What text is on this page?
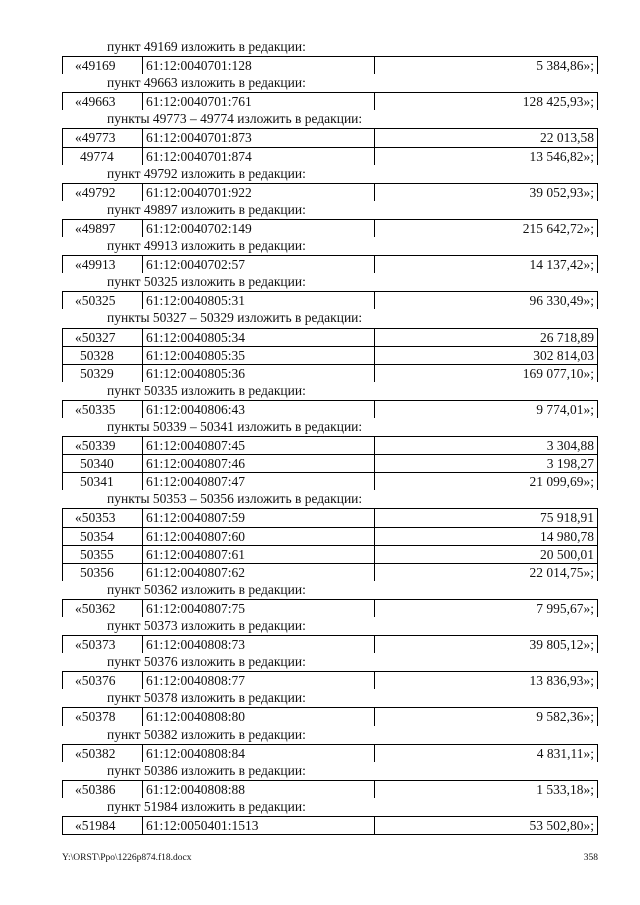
пункт 49169 изложить в редакции:
«49169	61:12:0040701:128	5 384,86»;
пункт 49663 изложить в редакции:
«49663	61:12:0040701:761	128 425,93»;
пункты 49773 – 49774 изложить в редакции:
«49773	61:12:0040701:873	22 013,58
49774	61:12:0040701:874	13 546,82»;
пункт 49792 изложить в редакции:
«49792	61:12:0040701:922	39 052,93»;
пункт 49897 изложить в редакции:
«49897	61:12:0040702:149	215 642,72»;
пункт 49913 изложить в редакции:
«49913	61:12:0040702:57	14 137,42»;
пункт 50325 изложить в редакции:
«50325	61:12:0040805:31	96 330,49»;
пункты 50327 – 50329 изложить в редакции:
«50327	61:12:0040805:34	26 718,89
50328	61:12:0040805:35	302 814,03
50329	61:12:0040805:36	169 077,10»;
пункт 50335 изложить в редакции:
«50335	61:12:0040806:43	9 774,01»;
пункты 50339 – 50341 изложить в редакции:
«50339	61:12:0040807:45	3 304,88
50340	61:12:0040807:46	3 198,27
50341	61:12:0040807:47	21 099,69»;
пункты 50353 – 50356 изложить в редакции:
«50353	61:12:0040807:59	75 918,91
50354	61:12:0040807:60	14 980,78
50355	61:12:0040807:61	20 500,01
50356	61:12:0040807:62	22 014,75»;
пункт 50362 изложить в редакции:
«50362	61:12:0040807:75	7 995,67»;
пункт 50373 изложить в редакции:
«50373	61:12:0040808:73	39 805,12»;
пункт 50376 изложить в редакции:
«50376	61:12:0040808:77	13 836,93»;
пункт 50378 изложить в редакции:
«50378	61:12:0040808:80	9 582,36»;
пункт 50382 изложить в редакции:
«50382	61:12:0040808:84	4 831,11»;
пункт 50386 изложить в редакции:
«50386	61:12:0040808:88	1 533,18»;
пункт 51984 изложить в редакции:
«51984	61:12:0050401:1513	53 502,80»;
Y:\ORST\Ppo\1226p874.f18.docx	358
